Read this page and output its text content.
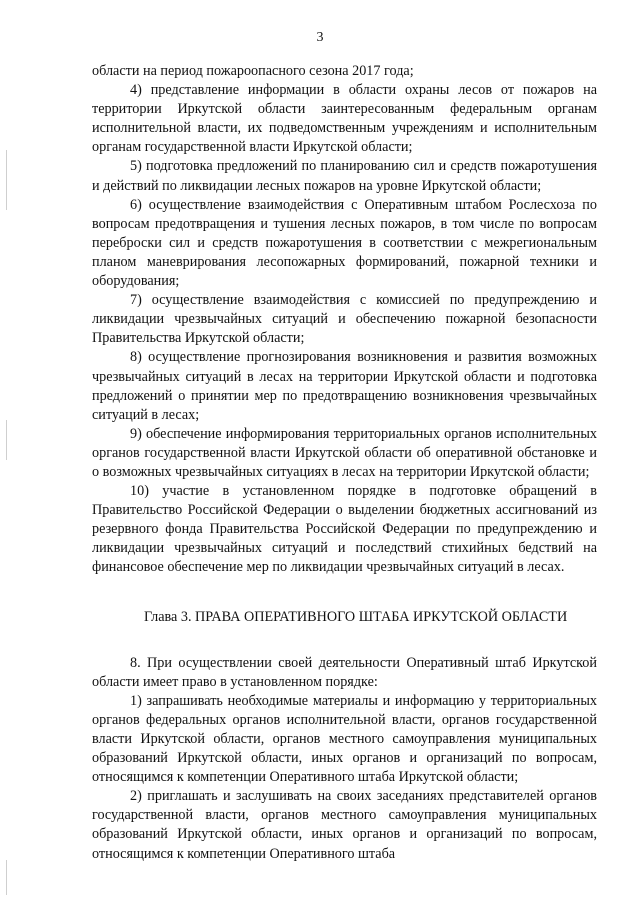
3

области на период пожароопасного сезона 2017 года;

4) представление информации в области охраны лесов от пожаров на территории Иркутской области заинтересованным федеральным органам исполнительной власти, их подведомственным учреждениям и исполнительным органам государственной власти Иркутской области;

5) подготовка предложений по планированию сил и средств пожаротушения и действий по ликвидации лесных пожаров на уровне Иркутской области;

6) осуществление взаимодействия с Оперативным штабом Рослесхоза по вопросам предотвращения и тушения лесных пожаров, в том числе по вопросам переброски сил и средств пожаротушения в соответствии с межрегиональным планом маневрирования лесопожарных формирований, пожарной техники и оборудования;

7) осуществление взаимодействия с комиссией по предупреждению и ликвидации чрезвычайных ситуаций и обеспечению пожарной безопасности Правительства Иркутской области;

8) осуществление прогнозирования возникновения и развития возможных чрезвычайных ситуаций в лесах на территории Иркутской области и подготовка предложений о принятии мер по предотвращению возникновения чрезвычайных ситуаций в лесах;

9) обеспечение информирования территориальных органов исполнительных органов государственной власти Иркутской области об оперативной обстановке и о возможных чрезвычайных ситуациях в лесах на территории Иркутской области;

10) участие в установленном порядке в подготовке обращений в Правительство Российской Федерации о выделении бюджетных ассигнований из резервного фонда Правительства Российской Федерации по предупреждению и ликвидации чрезвычайных ситуаций и последствий стихийных бедствий на финансовое обеспечение мер по ликвидации чрезвычайных ситуаций в лесах.

Глава 3. ПРАВА ОПЕРАТИВНОГО ШТАБА ИРКУТСКОЙ ОБЛАСТИ

8. При осуществлении своей деятельности Оперативный штаб Иркутской области имеет право в установленном порядке:

1) запрашивать необходимые материалы и информацию у территориальных органов федеральных органов исполнительной власти, органов государственной власти Иркутской области, органов местного самоуправления муниципальных образований Иркутской области, иных органов и организаций по вопросам, относящимся к компетенции Оперативного штаба Иркутской области;

2) приглашать и заслушивать на своих заседаниях представителей органов государственной власти, органов местного самоуправления муниципальных образований Иркутской области, иных органов и организаций по вопросам, относящимся к компетенции Оперативного штаба
